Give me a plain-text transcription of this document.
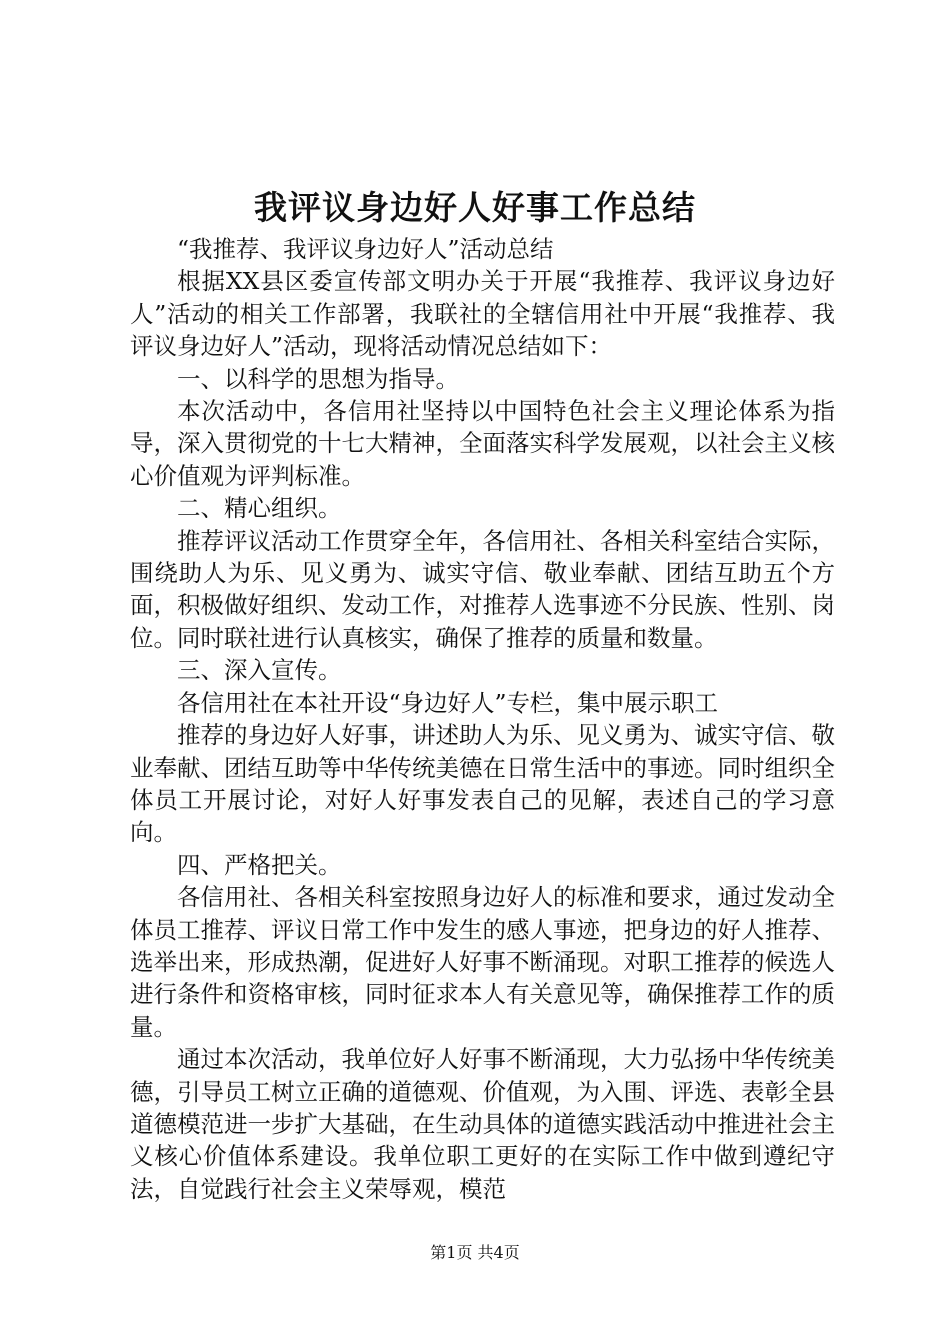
我评议身边好人好事工作总结

“我推荐、我评议身边好人”活动总结

根据XX县区委宣传部文明办关于开展“我推荐、我评议身边好人”活动的相关工作部署，我联社的全辖信用社中开展“我推荐、我评议身边好人”活动，现将活动情况总结如下：

一、以科学的思想为指导。

本次活动中，各信用社坚持以中国特色社会主义理论体系为指导，深入贯彻党的十七大精神，全面落实科学发展观，以社会主义核心价值观为评判标准。

二、精心组织。

推荐评议活动工作贯穿全年，各信用社、各相关科室结合实际，围绕助人为乐、见义勇为、诚实守信、敬业奉献、团结互助五个方面，积极做好组织、发动工作，对推荐人选事迹不分民族、性别、岗位。同时联社进行认真核实，确保了推荐的质量和数量。

三、深入宣传。

各信用社在本社开设“身边好人”专栏，集中展示职工

推荐的身边好人好事，讲述助人为乐、见义勇为、诚实守信、敬业奉献、团结互助等中华传统美德在日常生活中的事迹。同时组织全体员工开展讨论，对好人好事发表自己的见解，表述自己的学习意向。

四、严格把关。

各信用社、各相关科室按照身边好人的标准和要求，通过发动全体员工推荐、评议日常工作中发生的感人事迹，把身边的好人推荐、选举出来，形成热潮，促进好人好事不断涌现。对职工推荐的候选人进行条件和资格审核，同时征求本人有关意见等，确保推荐工作的质量。

通过本次活动，我单位好人好事不断涌现，大力弘扬中华传统美德，引导员工树立正确的道德观、价值观，为入围、评选、表彰全县道德模范进一步扩大基础，在生动具体的道德实践活动中推进社会主义核心价值体系建设。我单位职工更好的在实际工作中做到遵纪守法，自觉践行社会主义荣辱观，模范

第1页 共4页
